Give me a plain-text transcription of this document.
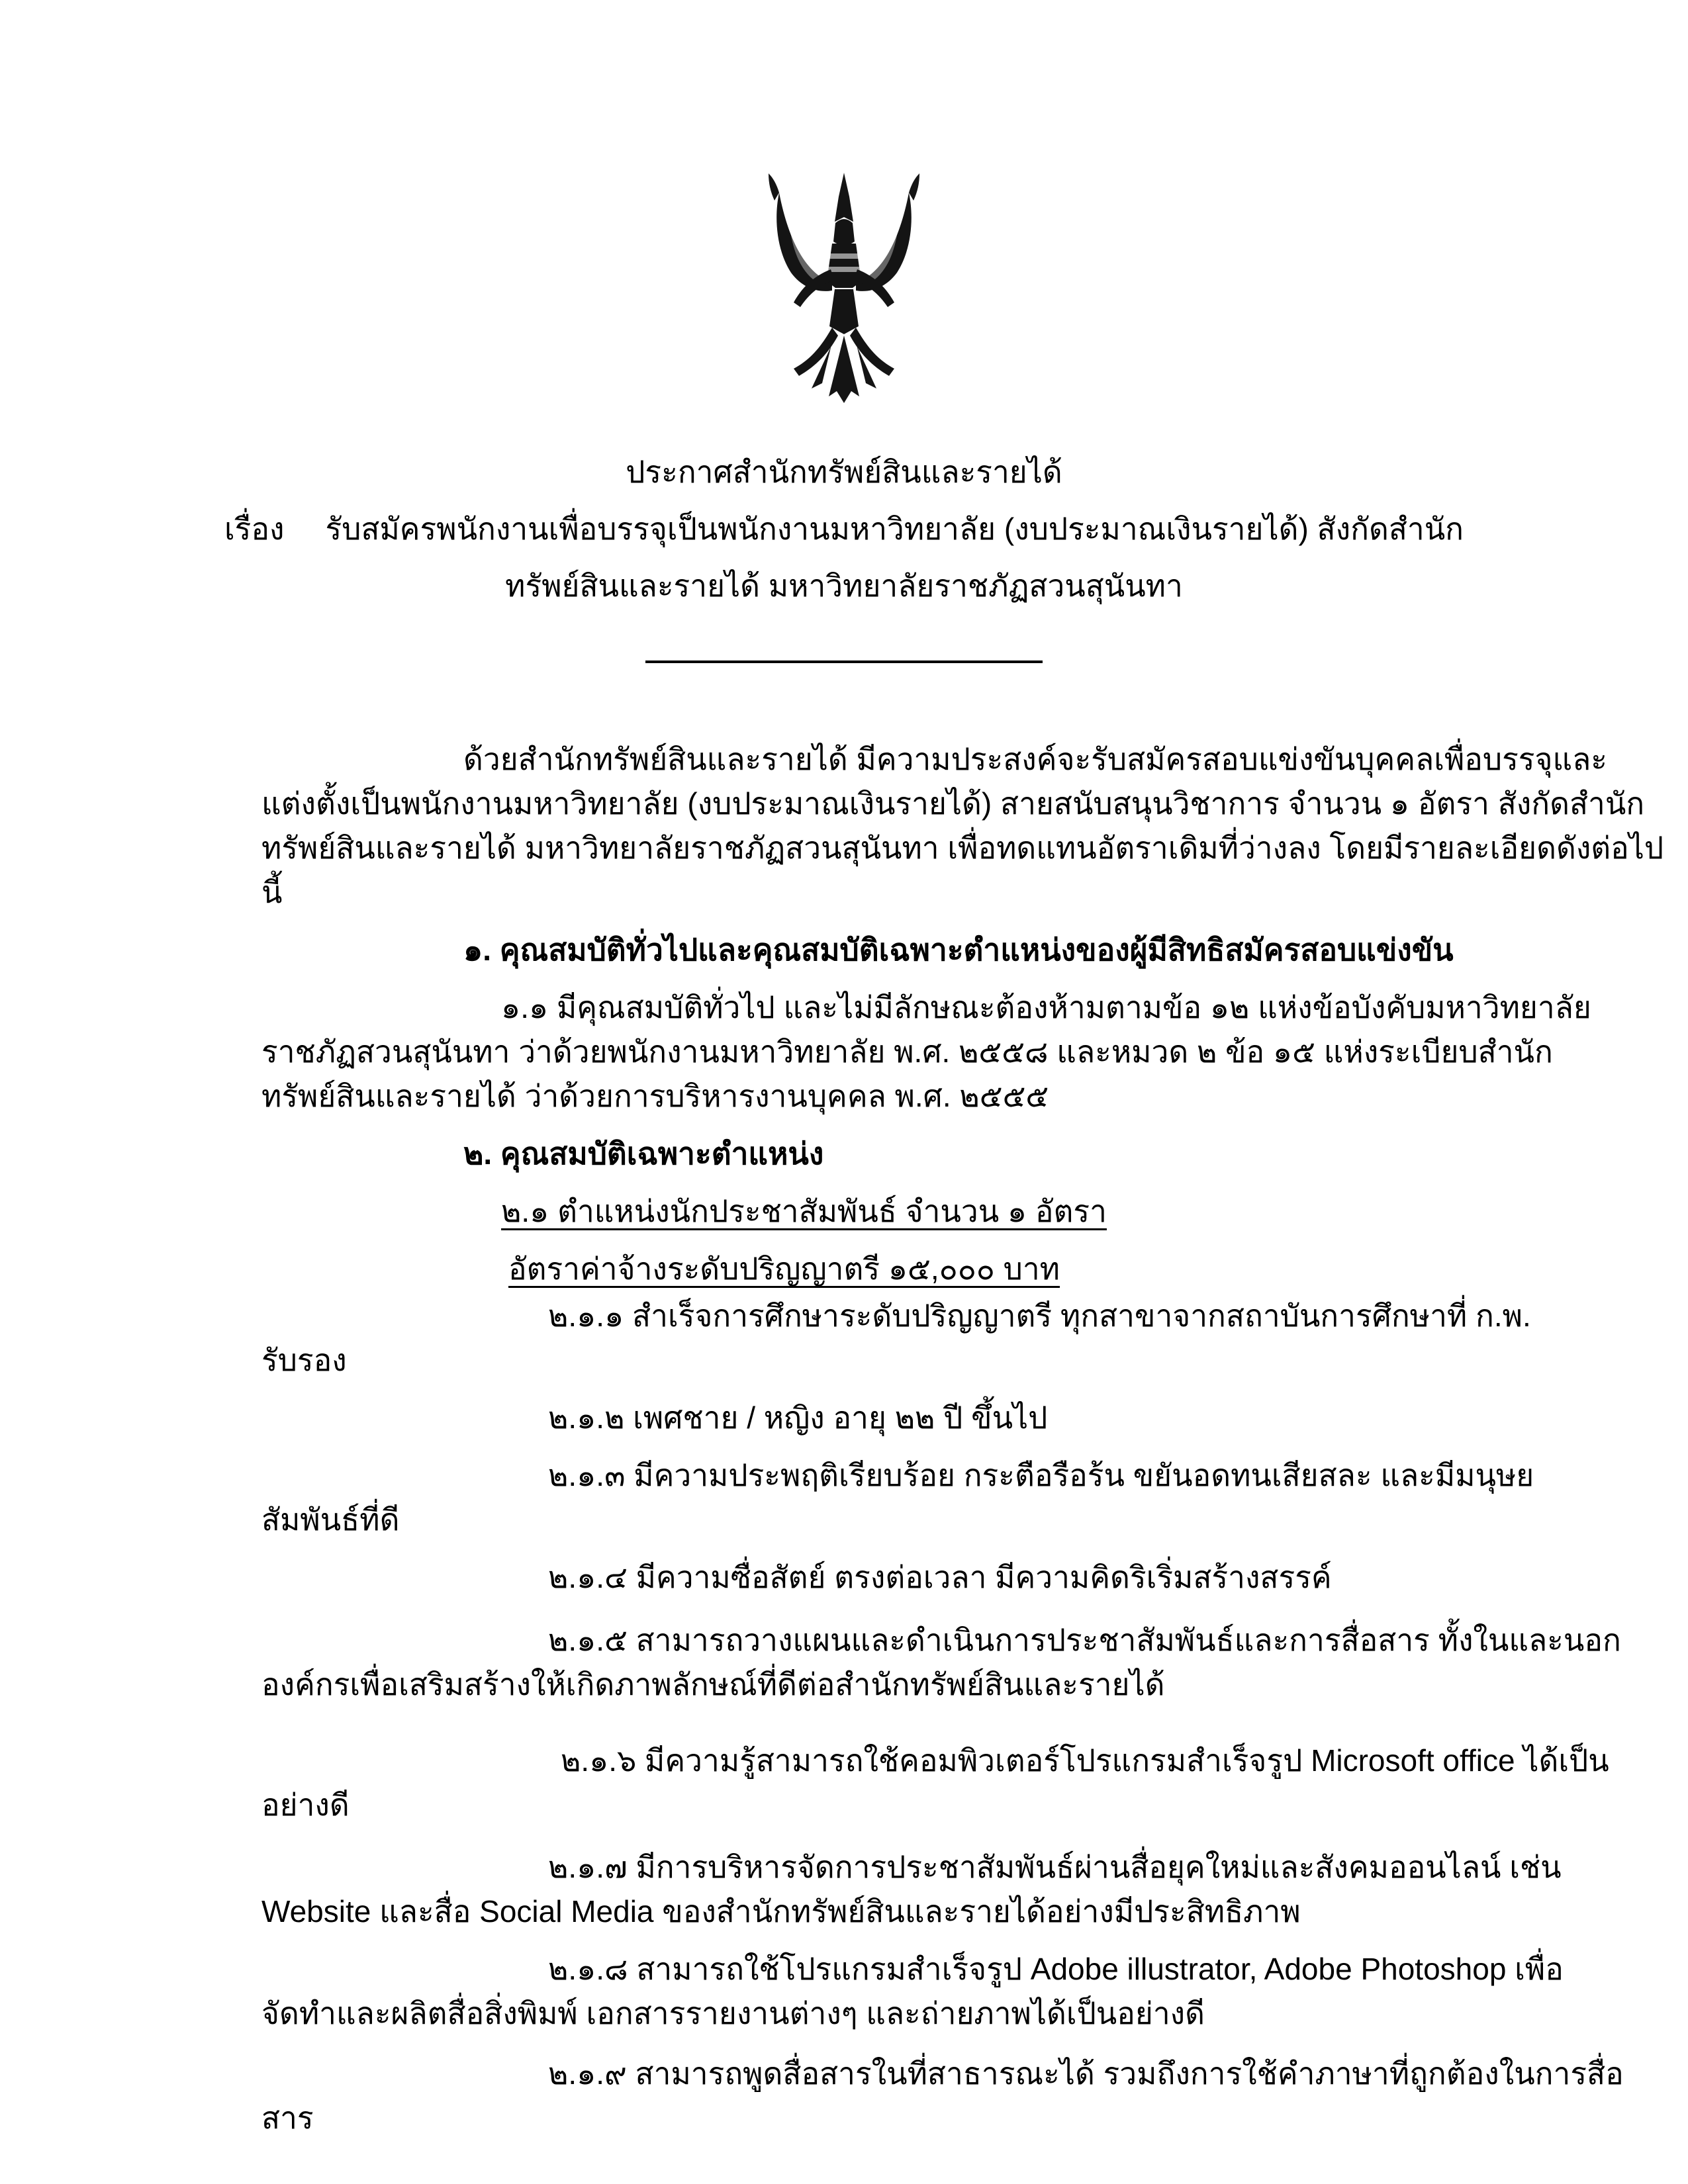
ประกาศสำนักทรัพย์สินและรายได้
เรื่อง รับสมัครพนักงานเพื่อบรรจุเป็นพนักงานมหาวิทยาลัย (งบประมาณเงินรายได้) สังกัดสำนัก
ทรัพย์สินและรายได้ มหาวิทยาลัยราชภัฏสวนสุนันทา
ด้วยสำนักทรัพย์สินและรายได้ มีความประสงค์จะรับสมัครสอบแข่งขันบุคคลเพื่อบรรจุและ
แต่งตั้งเป็นพนักงานมหาวิทยาลัย (งบประมาณเงินรายได้) สายสนับสนุนวิชาการ จำนวน ๑ อัตรา สังกัดสำนัก
ทรัพย์สินและรายได้ มหาวิทยาลัยราชภัฏสวนสุนันทา เพื่อทดแทนอัตราเดิมที่ว่างลง โดยมีรายละเอียดดังต่อไป
นี้
๑. คุณสมบัติทั่วไปและคุณสมบัติเฉพาะตำแหน่งของผู้มีสิทธิสมัครสอบแข่งขัน
๑.๑ มีคุณสมบัติทั่วไป และไม่มีลักษณะต้องห้ามตามข้อ ๑๒ แห่งข้อบังคับมหาวิทยาลัย
ราชภัฏสวนสุนันทา ว่าด้วยพนักงานมหาวิทยาลัย พ.ศ. ๒๕๕๘ และหมวด ๒ ข้อ ๑๕ แห่งระเบียบสำนัก
ทรัพย์สินและรายได้ ว่าด้วยการบริหารงานบุคคล พ.ศ. ๒๕๕๕
๒. คุณสมบัติเฉพาะตำแหน่ง
๒.๑ ตำแหน่งนักประชาสัมพันธ์ จำนวน ๑ อัตรา
อัตราค่าจ้างระดับปริญญาตรี ๑๕,๐๐๐ บาท
๒.๑.๑ สำเร็จการศึกษาระดับปริญญาตรี ทุกสาขาจากสถาบันการศึกษาที่ ก.พ.
รับรอง
๒.๑.๒ เพศชาย / หญิง อายุ ๒๒ ปี ขึ้นไป
๒.๑.๓ มีความประพฤติเรียบร้อย กระตือรือร้น ขยันอดทนเสียสละ และมีมนุษย
สัมพันธ์ที่ดี
๒.๑.๔ มีความซื่อสัตย์ ตรงต่อเวลา มีความคิดริเริ่มสร้างสรรค์
๒.๑.๕ สามารถวางแผนและดำเนินการประชาสัมพันธ์และการสื่อสาร ทั้งในและนอก
องค์กรเพื่อเสริมสร้างให้เกิดภาพลักษณ์ที่ดีต่อสำนักทรัพย์สินและรายได้
๒.๑.๖ มีความรู้สามารถใช้คอมพิวเตอร์โปรแกรมสำเร็จรูป Microsoft office ได้เป็น
อย่างดี
๒.๑.๗ มีการบริหารจัดการประชาสัมพันธ์ผ่านสื่อยุคใหม่และสังคมออนไลน์ เช่น
Website และสื่อ Social Media ของสำนักทรัพย์สินและรายได้อย่างมีประสิทธิภาพ
๒.๑.๘ สามารถใช้โปรแกรมสำเร็จรูป Adobe illustrator, Adobe Photoshop เพื่อ
จัดทำและผลิตสื่อสิ่งพิมพ์ เอกสารรายงานต่างๆ และถ่ายภาพได้เป็นอย่างดี
๒.๑.๙ สามารถพูดสื่อสารในที่สาธารณะได้ รวมถึงการใช้คำภาษาที่ถูกต้องในการสื่อ
สาร
